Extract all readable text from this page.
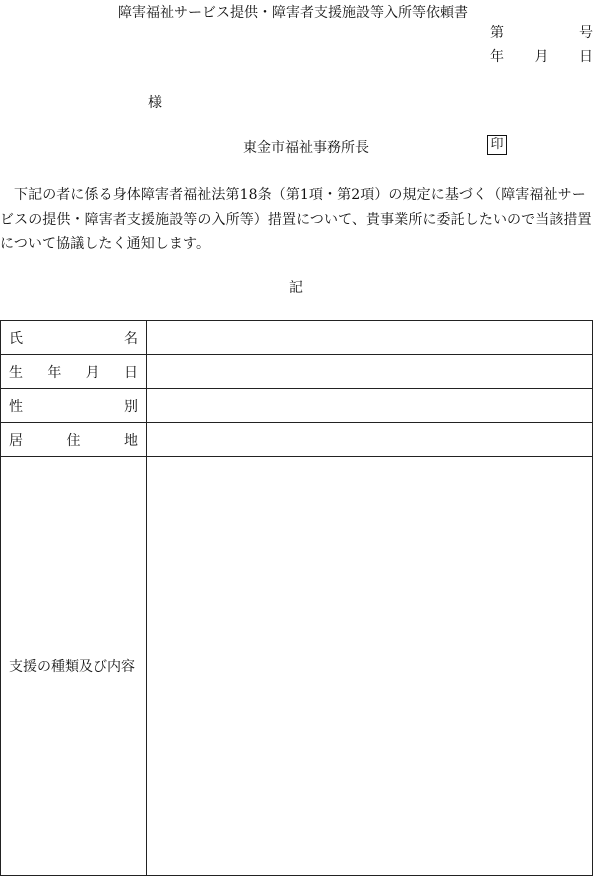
障害福祉サービス提供・障害者支援施設等入所等依頼書
第	号
年 月 日
様
東金市福祉事務所長	印
下記の者に係る身体障害者福祉法第18条（第1項・第2項）の規定に基づく（障害福祉サービスの提供・障害者支援施設等の入所等）措置について、貴事業所に委託したいので当該措置について協議したく通知します。
記
氏 名	

生 年 月 日	

性 別	

居 住 地	

支援の種類及び内容	
